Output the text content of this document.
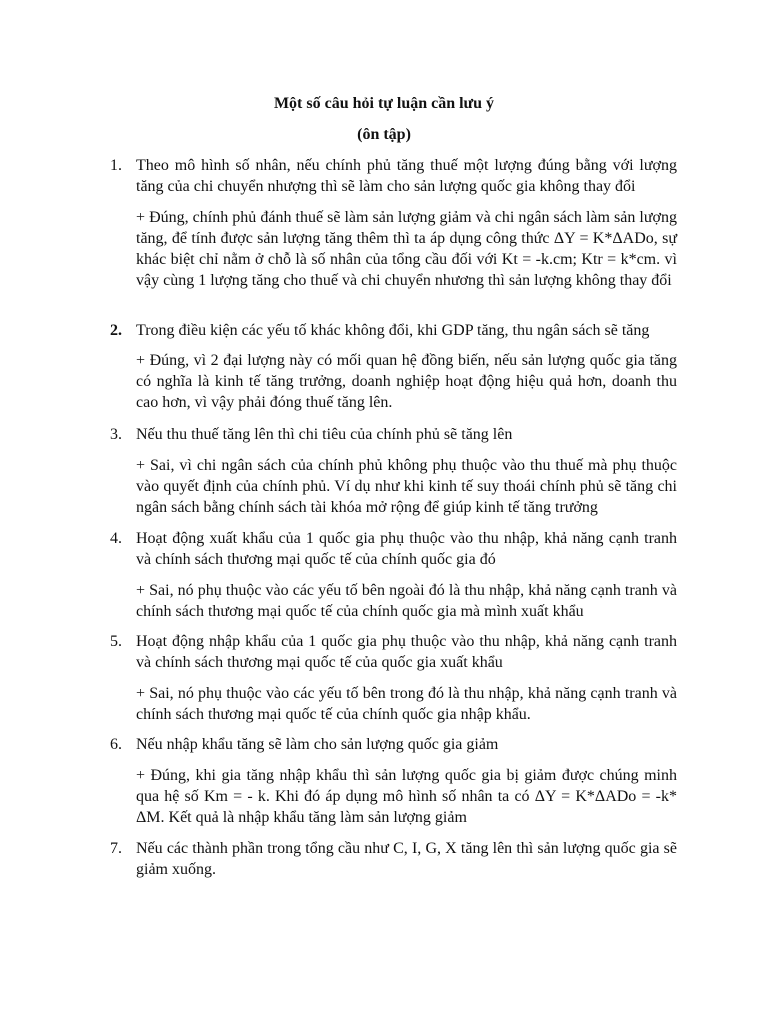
Một số câu hỏi tự luận cần lưu ý
(ôn tập)
1. Theo mô hình số nhân, nếu chính phủ tăng thuế một lượng đúng bằng với lượng tăng của chi chuyển nhượng thì sẽ làm cho sản lượng quốc gia không thay đổi
+ Đúng, chính phủ đánh thuế sẽ làm sản lượng giảm và chi ngân sách làm sản lượng tăng, để tính được sản lượng tăng thêm thì ta áp dụng công thức ΔY = K*ΔADo, sự khác biệt chỉ nằm ở chỗ là số nhân của tổng cầu đối với Kt = -k.cm; Ktr = k*cm. vì vậy cùng 1 lượng tăng cho thuế và chi chuyển nhương thì sản lượng không thay đổi
2. Trong điều kiện các yếu tố khác không đổi, khi GDP tăng, thu ngân sách sẽ tăng
+ Đúng, vì 2 đại lượng này có mối quan hệ đồng biến, nếu sản lượng quốc gia tăng có nghĩa là kinh tế tăng trưởng, doanh nghiệp hoạt động hiệu quả hơn, doanh thu cao hơn, vì vậy phải đóng thuế tăng lên.
3. Nếu thu thuế tăng lên thì chi tiêu của chính phủ sẽ tăng lên
+ Sai, vì chi ngân sách của chính phủ không phụ thuộc vào thu thuế mà phụ thuộc vào quyết định của chính phủ. Ví dụ như khi kinh tế suy thoái chính phủ sẽ tăng chi ngân sách bằng chính sách tài khóa mở rộng để giúp kinh tế tăng trưởng
4. Hoạt động xuất khẩu của 1 quốc gia phụ thuộc vào thu nhập, khả năng cạnh tranh và chính sách thương mại quốc tế của chính quốc gia đó
+ Sai, nó phụ thuộc vào các yếu tố bên ngoài đó là thu nhập, khả năng cạnh tranh và chính sách thương mại quốc tế của chính quốc gia mà mình xuất khẩu
5. Hoạt động nhập khẩu của 1 quốc gia phụ thuộc vào thu nhập, khả năng cạnh tranh và chính sách thương mại quốc tế của quốc gia xuất khẩu
+ Sai, nó phụ thuộc vào các yếu tố bên trong đó là thu nhập, khả năng cạnh tranh và chính sách thương mại quốc tế của chính quốc gia nhập khẩu.
6. Nếu nhập khẩu tăng sẽ làm cho sản lượng quốc gia giảm
+ Đúng, khi gia tăng nhập khẩu thì sản lượng quốc gia bị giảm được chúng minh qua hệ số Km = - k. Khi đó áp dụng mô hình số nhân ta có ΔY = K*ΔADo = -k* ΔM. Kết quả là nhập khẩu tăng làm sản lượng giảm
7. Nếu các thành phần trong tổng cầu như C, I, G, X tăng lên thì sản lượng quốc gia sẽ giảm xuống.
